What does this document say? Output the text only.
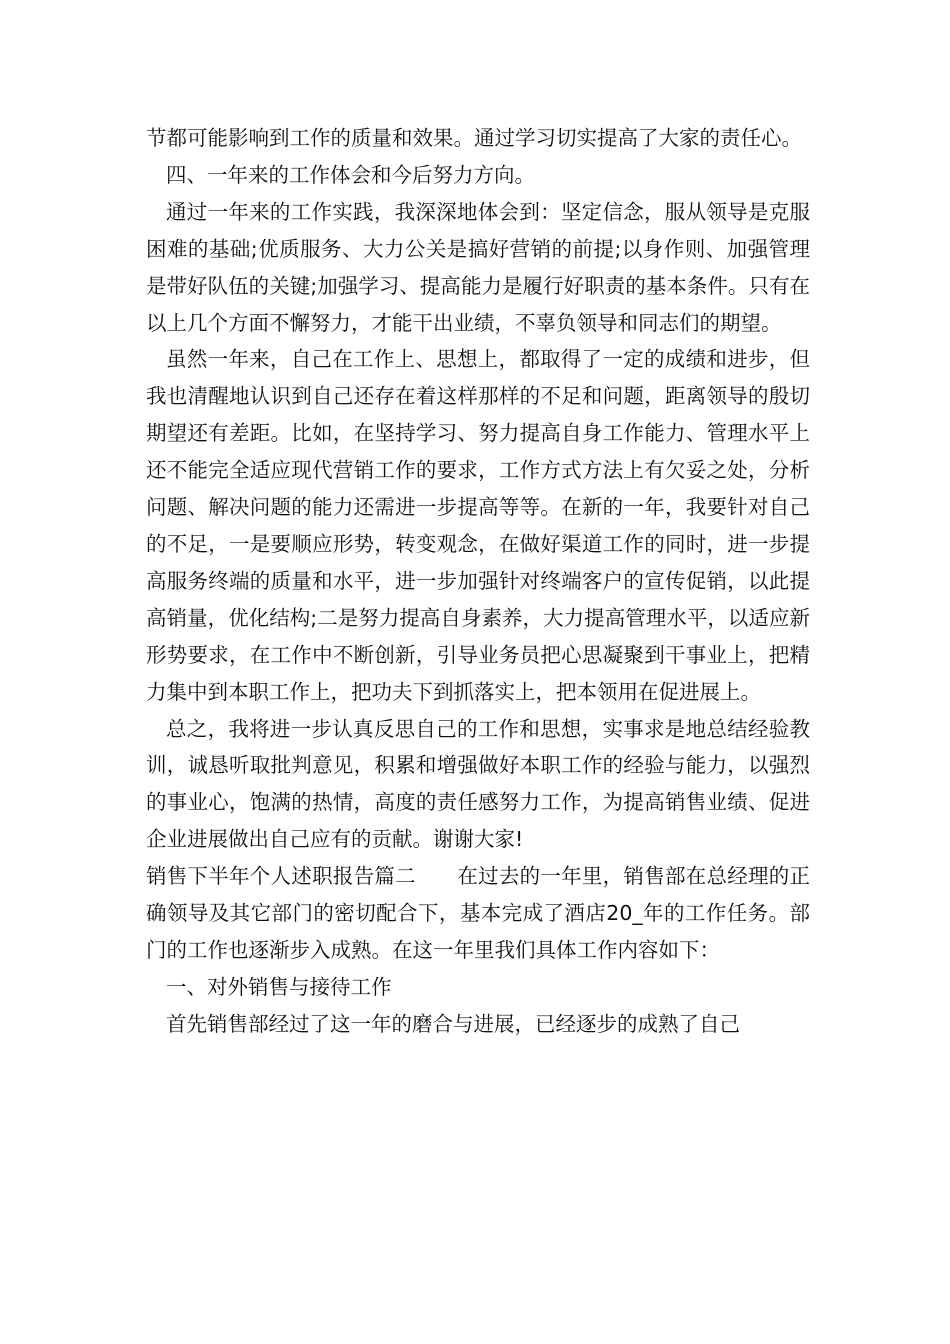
节都可能影响到工作的质量和效果。通过学习切实提高了大家的责任心。

四、一年来的工作体会和今后努力方向。

通过一年来的工作实践，我深深地体会到：坚定信念，服从领导是克服困难的基础;优质服务、大力公关是搞好营销的前提;以身作则、加强管理是带好队伍的关键;加强学习、提高能力是履行好职责的基本条件。只有在以上几个方面不懈努力，才能干出业绩，不辜负领导和同志们的期望。

虽然一年来，自己在工作上、思想上，都取得了一定的成绩和进步，但我也清醒地认识到自己还存在着这样那样的不足和问题，距离领导的殷切期望还有差距。比如，在坚持学习、努力提高自身工作能力、管理水平上还不能完全适应现代营销工作的要求，工作方式方法上有欠妥之处，分析问题、解决问题的能力还需进一步提高等等。在新的一年，我要针对自己的不足，一是要顺应形势，转变观念，在做好渠道工作的同时，进一步提高服务终端的质量和水平，进一步加强针对终端客户的宣传促销，以此提高销量，优化结构;二是努力提高自身素养，大力提高管理水平，以适应新形势要求，在工作中不断创新，引导业务员把心思凝聚到干事业上，把精力集中到本职工作上，把功夫下到抓落实上，把本领用在促进展上。

总之，我将进一步认真反思自己的工作和思想，实事求是地总结经验教训，诚恳听取批判意见，积累和增强做好本职工作的经验与能力，以强烈的事业心，饱满的热情，高度的责任感努力工作，为提高销售业绩、促进企业进展做出自己应有的贡献。谢谢大家!

销售下半年个人述职报告篇二　　在过去的一年里，销售部在总经理的正确领导及其它部门的密切配合下，基本完成了酒店20_年的工作任务。部门的工作也逐渐步入成熟。在这一年里我们具体工作内容如下：

一、对外销售与接待工作

首先销售部经过了这一年的磨合与进展，已经逐步的成熟了自己
